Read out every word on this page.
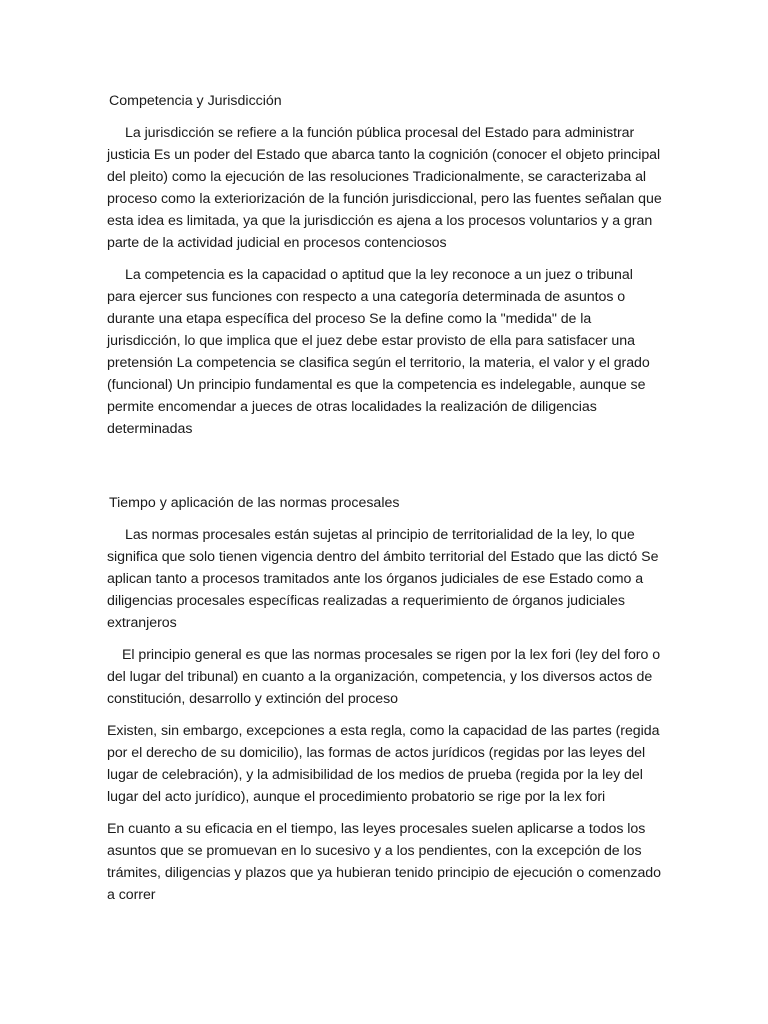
Competencia y Jurisdicción

La jurisdicción se refiere a la función pública procesal del Estado para administrar justicia Es un poder del Estado que abarca tanto la cognición (conocer el objeto principal del pleito) como la ejecución de las resoluciones Tradicionalmente, se caracterizaba al proceso como la exteriorización de la función jurisdiccional, pero las fuentes señalan que esta idea es limitada, ya que la jurisdicción es ajena a los procesos voluntarios y a gran parte de la actividad judicial en procesos contenciosos

La competencia es la capacidad o aptitud que la ley reconoce a un juez o tribunal para ejercer sus funciones con respecto a una categoría determinada de asuntos o durante una etapa específica del proceso Se la define como la "medida" de la jurisdicción, lo que implica que el juez debe estar provisto de ella para satisfacer una pretensión La competencia se clasifica según el territorio, la materia, el valor y el grado (funcional) Un principio fundamental es que la competencia es indelegable, aunque se permite encomendar a jueces de otras localidades la realización de diligencias determinadas

Tiempo y aplicación de las normas procesales

Las normas procesales están sujetas al principio de territorialidad de la ley, lo que significa que solo tienen vigencia dentro del ámbito territorial del Estado que las dictó Se aplican tanto a procesos tramitados ante los órganos judiciales de ese Estado como a diligencias procesales específicas realizadas a requerimiento de órganos judiciales extranjeros

El principio general es que las normas procesales se rigen por la lex fori (ley del foro o del lugar del tribunal) en cuanto a la organización, competencia, y los diversos actos de constitución, desarrollo y extinción del proceso

Existen, sin embargo, excepciones a esta regla, como la capacidad de las partes (regida por el derecho de su domicilio), las formas de actos jurídicos (regidas por las leyes del lugar de celebración), y la admisibilidad de los medios de prueba (regida por la ley del lugar del acto jurídico), aunque el procedimiento probatorio se rige por la lex fori

En cuanto a su eficacia en el tiempo, las leyes procesales suelen aplicarse a todos los asuntos que se promuevan en lo sucesivo y a los pendientes, con la excepción de los trámites, diligencias y plazos que ya hubieran tenido principio de ejecución o comenzado a correr
